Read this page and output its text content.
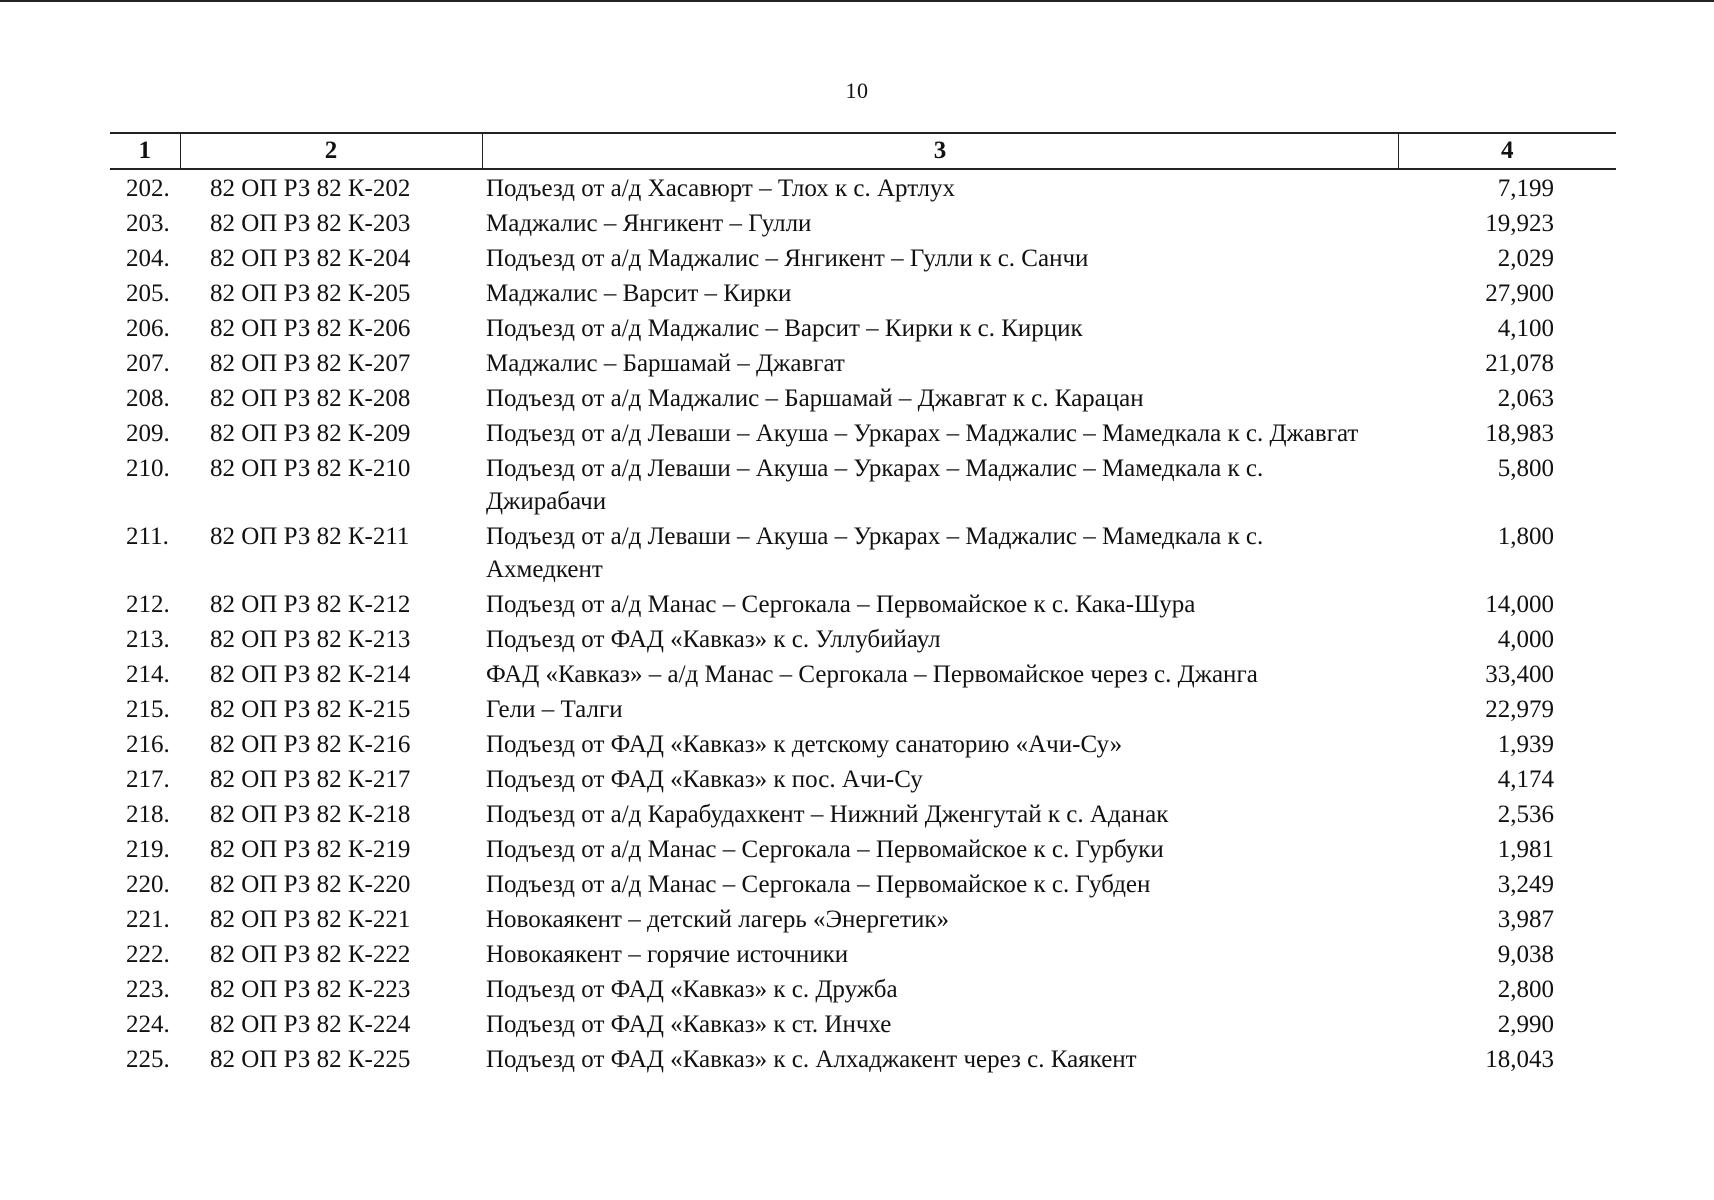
10
1	2	3	4
202.	82 ОП РЗ 82 К-202	Подъезд от а/д Хасавюрт – Тлох к с. Артлух	7,199
203.	82 ОП РЗ 82 К-203	Маджалис – Янгикент – Гулли	19,923
204.	82 ОП РЗ 82 К-204	Подъезд от а/д Маджалис – Янгикент – Гулли к с. Санчи	2,029
205.	82 ОП РЗ 82 К-205	Маджалис – Варсит – Кирки	27,900
206.	82 ОП РЗ 82 К-206	Подъезд от а/д Маджалис – Варсит – Кирки к с. Кирцик	4,100
207.	82 ОП РЗ 82 К-207	Маджалис – Баршамай – Джавгат	21,078
208.	82 ОП РЗ 82 К-208	Подъезд от а/д Маджалис – Баршамай – Джавгат к с. Карацан	2,063
209.	82 ОП РЗ 82 К-209	Подъезд от а/д Леваши – Акуша – Уркарах – Маджалис – Мамедкала к с. Джавгат	18,983
210.	82 ОП РЗ 82 К-210	Подъезд от а/д Леваши – Акуша – Уркарах – Маджалис – Мамедкала к с. Джирабачи	5,800
211.	82 ОП РЗ 82 К-211	Подъезд от а/д Леваши – Акуша – Уркарах – Маджалис – Мамедкала к с. Ахмедкент	1,800
212.	82 ОП РЗ 82 К-212	Подъезд от а/д Манас – Сергокала – Первомайское к с. Кака-Шура	14,000
213.	82 ОП РЗ 82 К-213	Подъезд от ФАД «Кавказ» к с. Уллубийаул	4,000
214.	82 ОП РЗ 82 К-214	ФАД «Кавказ» – а/д Манас – Сергокала – Первомайское через с. Джанга	33,400
215.	82 ОП РЗ 82 К-215	Гели – Талги	22,979
216.	82 ОП РЗ 82 К-216	Подъезд от ФАД «Кавказ» к детскому санаторию «Ачи-Су»	1,939
217.	82 ОП РЗ 82 К-217	Подъезд от ФАД «Кавказ» к пос. Ачи-Су	4,174
218.	82 ОП РЗ 82 К-218	Подъезд от а/д Карабудахкент – Нижний Дженгутай к с. Аданак	2,536
219.	82 ОП РЗ 82 К-219	Подъезд от а/д Манас – Сергокала – Первомайское к с. Гурбуки	1,981
220.	82 ОП РЗ 82 К-220	Подъезд от а/д Манас – Сергокала – Первомайское к с. Губден	3,249
221.	82 ОП РЗ 82 К-221	Новокаякент – детский лагерь «Энергетик»	3,987
222.	82 ОП РЗ 82 К-222	Новокаякент – горячие источники	9,038
223.	82 ОП РЗ 82 К-223	Подъезд от ФАД «Кавказ» к с. Дружба	2,800
224.	82 ОП РЗ 82 К-224	Подъезд от ФАД «Кавказ» к ст. Инчхе	2,990
225.	82 ОП РЗ 82 К-225	Подъезд от ФАД «Кавказ» к с. Алхаджакент через с. Каякент	18,043
